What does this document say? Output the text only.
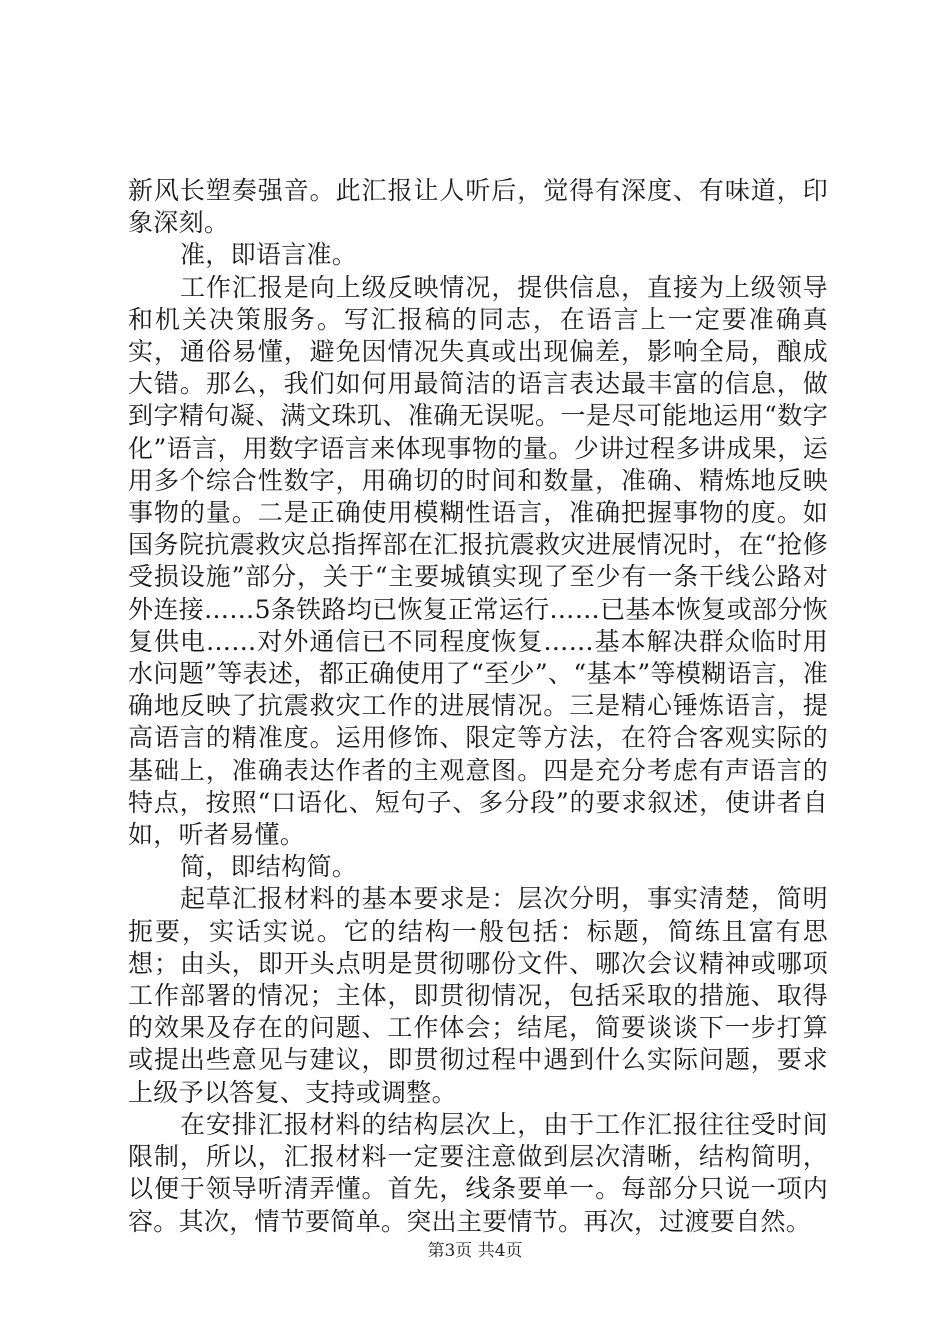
新风长塑奏强音。此汇报让人听后，觉得有深度、有味道，印象深刻。

准，即语言准。

工作汇报是向上级反映情况，提供信息，直接为上级领导和机关决策服务。写汇报稿的同志，在语言上一定要准确真实，通俗易懂，避免因情况失真或出现偏差，影响全局，酿成大错。那么，我们如何用最简洁的语言表达最丰富的信息，做到字精句凝、满文珠玑、准确无误呢。一是尽可能地运用“数字化”语言，用数字语言来体现事物的量。少讲过程多讲成果，运用多个综合性数字，用确切的时间和数量，准确、精炼地反映事物的量。二是正确使用模糊性语言，准确把握事物的度。如国务院抗震救灾总指挥部在汇报抗震救灾进展情况时，在“抢修受损设施”部分，关于“主要城镇实现了至少有一条干线公路对外连接……5条铁路均已恢复正常运行……已基本恢复或部分恢复供电……对外通信已不同程度恢复……基本解决群众临时用水问题”等表述，都正确使用了“至少”、“基本”等模糊语言，准确地反映了抗震救灾工作的进展情况。三是精心锤炼语言，提高语言的精准度。运用修饰、限定等方法，在符合客观实际的基础上，准确表达作者的主观意图。四是充分考虑有声语言的特点，按照“口语化、短句子、多分段”的要求叙述，使讲者自如，听者易懂。

简，即结构简。

起草汇报材料的基本要求是：层次分明，事实清楚，简明扼要，实话实说。它的结构一般包括：标题，简练且富有思想；由头，即开头点明是贯彻哪份文件、哪次会议精神或哪项工作部署的情况；主体，即贯彻情况，包括采取的措施、取得的效果及存在的问题、工作体会；结尾，简要谈谈下一步打算或提出些意见与建议，即贯彻过程中遇到什么实际问题，要求上级予以答复、支持或调整。

在安排汇报材料的结构层次上，由于工作汇报往往受时间限制，所以，汇报材料一定要注意做到层次清晰，结构简明，以便于领导听清弄懂。首先，线条要单一。每部分只说一项内容。其次，情节要简单。突出主要情节。再次，过渡要自然。

第3页 共4页
